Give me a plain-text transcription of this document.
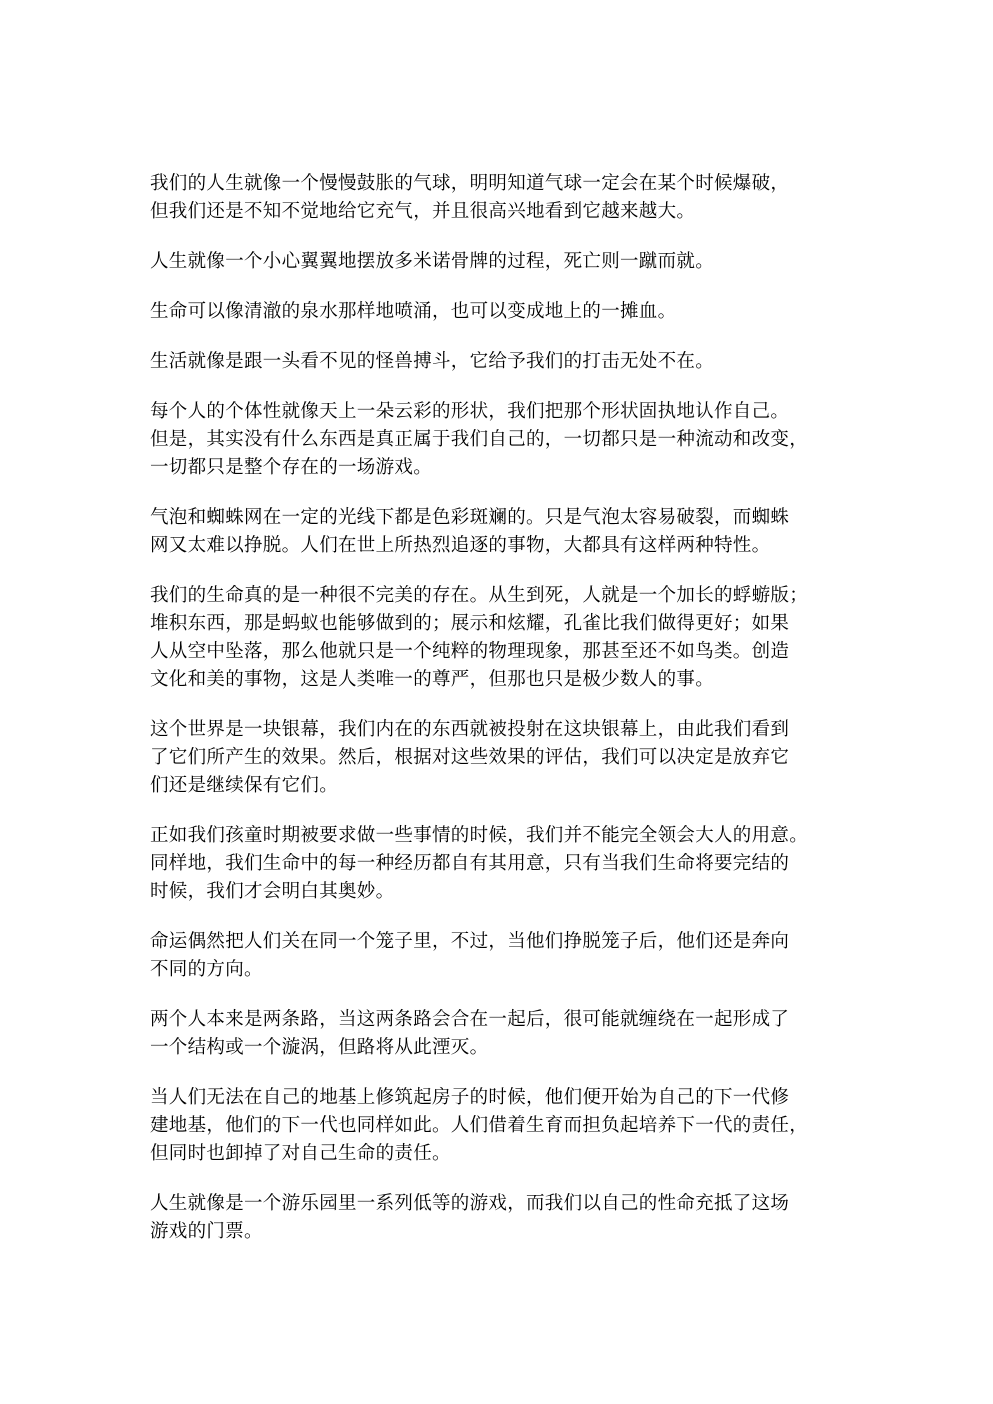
我们的人生就像一个慢慢鼓胀的气球，明明知道气球一定会在某个时候爆破，
但我们还是不知不觉地给它充气，并且很高兴地看到它越来越大。
人生就像一个小心翼翼地摆放多米诺骨牌的过程，死亡则一蹴而就。
生命可以像清澈的泉水那样地喷涌，也可以变成地上的一摊血。
生活就像是跟一头看不见的怪兽搏斗，它给予我们的打击无处不在。
每个人的个体性就像天上一朵云彩的形状，我们把那个形状固执地认作自己。
但是，其实没有什么东西是真正属于我们自己的，一切都只是一种流动和改变，
一切都只是整个存在的一场游戏。
气泡和蜘蛛网在一定的光线下都是色彩斑斓的。只是气泡太容易破裂，而蜘蛛
网又太难以挣脱。人们在世上所热烈追逐的事物，大都具有这样两种特性。
我们的生命真的是一种很不完美的存在。从生到死，人就是一个加长的蜉蝣版；
堆积东西，那是蚂蚁也能够做到的；展示和炫耀，孔雀比我们做得更好；如果
人从空中坠落，那么他就只是一个纯粹的物理现象，那甚至还不如鸟类。创造
文化和美的事物，这是人类唯一的尊严，但那也只是极少数人的事。
这个世界是一块银幕，我们内在的东西就被投射在这块银幕上，由此我们看到
了它们所产生的效果。然后，根据对这些效果的评估，我们可以决定是放弃它
们还是继续保有它们。
正如我们孩童时期被要求做一些事情的时候，我们并不能完全领会大人的用意。
同样地，我们生命中的每一种经历都自有其用意，只有当我们生命将要完结的
时候，我们才会明白其奥妙。
命运偶然把人们关在同一个笼子里，不过，当他们挣脱笼子后，他们还是奔向
不同的方向。
两个人本来是两条路，当这两条路会合在一起后，很可能就缠绕在一起形成了
一个结构或一个漩涡，但路将从此湮灭。
当人们无法在自己的地基上修筑起房子的时候，他们便开始为自己的下一代修
建地基，他们的下一代也同样如此。人们借着生育而担负起培养下一代的责任，
但同时也卸掉了对自己生命的责任。
人生就像是一个游乐园里一系列低等的游戏，而我们以自己的性命充抵了这场
游戏的门票。
